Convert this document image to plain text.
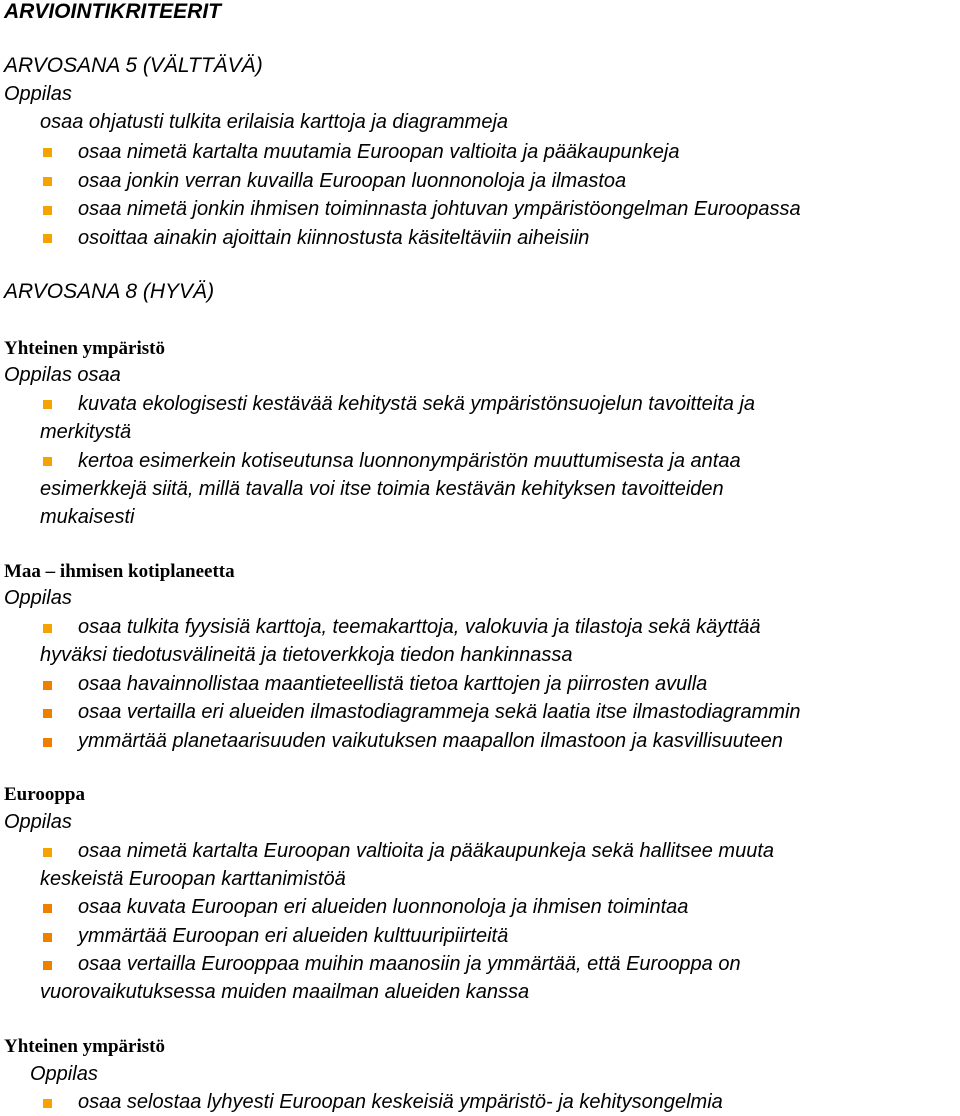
ARVIOINTIKRITEERIT
ARVOSANA 5 (VÄLTTÄVÄ)
Oppilas
osaa ohjatusti tulkita erilaisia karttoja ja diagrammeja
osaa nimetä kartalta muutamia Euroopan valtioita ja pääkaupunkeja
osaa jonkin verran kuvailla Euroopan luonnonoloja ja ilmastoa
osaa nimetä jonkin ihmisen toiminnasta johtuvan ympäristöongelman Euroopassa
osoittaa ainakin ajoittain kiinnostusta käsiteltäviin aiheisiin
ARVOSANA 8 (HYVÄ)
Yhteinen ympäristö
Oppilas osaa
kuvata ekologisesti kestävää kehitystä sekä ympäristönsuojelun tavoitteita ja
merkitystä
kertoa esimerkein kotiseutunsa luonnonympäristön muuttumisesta ja antaa
esimerkkejä siitä, millä tavalla voi itse toimia kestävän kehityksen tavoitteiden
mukaisesti
Maa – ihmisen kotiplaneetta
Oppilas
osaa tulkita fyysisiä karttoja, teemakarttoja, valokuvia ja tilastoja sekä käyttää
hyväksi tiedotusvälineitä ja tietoverkkoja tiedon hankinnassa
osaa havainnollistaa maantieteellistä tietoa karttojen ja piirrosten avulla
osaa vertailla eri alueiden ilmastodiagrammeja sekä laatia itse ilmastodiagrammin
ymmärtää planetaarisuuden vaikutuksen maapallon ilmastoon ja kasvillisuuteen
Eurooppa
Oppilas
osaa nimetä kartalta Euroopan valtioita ja pääkaupunkeja sekä hallitsee muuta
keskeistä Euroopan karttanimistöä
osaa kuvata Euroopan eri alueiden luonnonoloja ja ihmisen toimintaa
ymmärtää Euroopan eri alueiden kulttuuripiirteitä
osaa vertailla Eurooppaa muihin maanosiin ja ymmärtää, että Eurooppa on
vuorovaikutuksessa muiden maailman alueiden kanssa
Yhteinen ympäristö
Oppilas
osaa selostaa lyhyesti Euroopan keskeisiä ympäristö- ja kehitysongelmia
